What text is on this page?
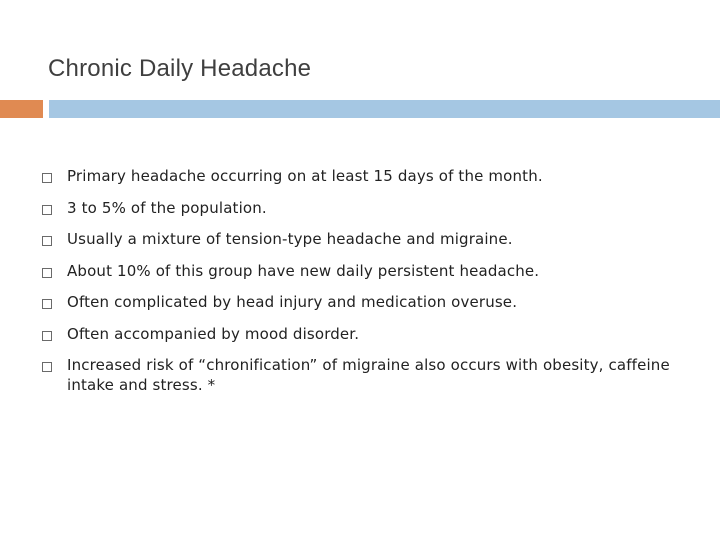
Chronic Daily Headache
Primary headache occurring on at least 15 days of the month.
3 to 5% of the population.
Usually a mixture of tension-type headache and migraine.
About 10% of this group have new daily persistent headache.
Often complicated by head injury and medication overuse.
Often accompanied by mood disorder.
Increased risk of “chronification” of migraine also occurs with obesity, caffeine intake and stress. *
